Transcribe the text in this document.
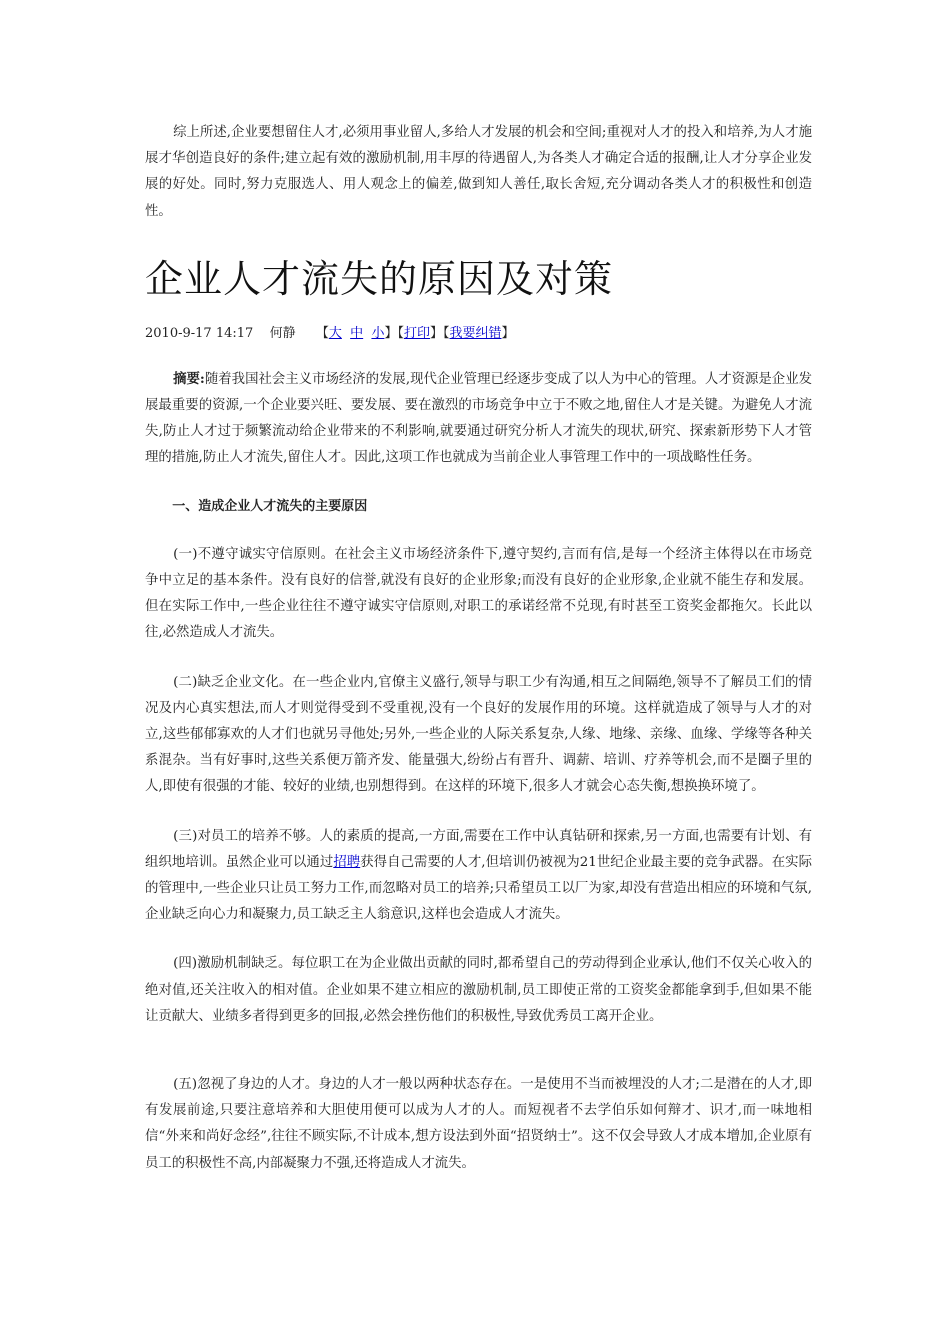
综上所述,企业要想留住人才,必须用事业留人,多给人才发展的机会和空间;重视对人才的投入和培养,为人才施展才华创造良好的条件;建立起有效的激励机制,用丰厚的待遇留人,为各类人才确定合适的报酬,让人才分享企业发展的好处。同时,努力克服选人、用人观念上的偏差,做到知人善任,取长舍短,充分调动各类人才的积极性和创造性。

企业人才流失的原因及对策
2010-9-17 14:17 何静 【大 中 小】【打印】【我要纠错】

摘要:随着我国社会主义市场经济的发展,现代企业管理已经逐步变成了以人为中心的管理。人才资源是企业发展最重要的资源,一个企业要兴旺、要发展、要在激烈的市场竞争中立于不败之地,留住人才是关键。为避免人才流失,防止人才过于频繁流动给企业带来的不利影响,就要通过研究分析人才流失的现状,研究、探索新形势下人才管理的措施,防止人才流失,留住人才。因此,这项工作也就成为当前企业人事管理工作中的一项战略性任务。

一、造成企业人才流失的主要原因

(一)不遵守诚实守信原则。在社会主义市场经济条件下,遵守契约,言而有信,是每一个经济主体得以在市场竞争中立足的基本条件。没有良好的信誉,就没有良好的企业形象;而没有良好的企业形象,企业就不能生存和发展。但在实际工作中,一些企业往往不遵守诚实守信原则,对职工的承诺经常不兑现,有时甚至工资奖金都拖欠。长此以往,必然造成人才流失。

(二)缺乏企业文化。在一些企业内,官僚主义盛行,领导与职工少有沟通,相互之间隔绝,领导不了解员工们的情况及内心真实想法,而人才则觉得受到不受重视,没有一个良好的发展作用的环境。这样就造成了领导与人才的对立,这些郁郁寡欢的人才们也就另寻他处;另外,一些企业的人际关系复杂,人缘、地缘、亲缘、血缘、学缘等各种关系混杂。当有好事时,这些关系便万箭齐发、能量强大,纷纷占有晋升、调薪、培训、疗养等机会,而不是圈子里的人,即使有很强的才能、较好的业绩,也别想得到。在这样的环境下,很多人才就会心态失衡,想换换环境了。

(三)对员工的培养不够。人的素质的提高,一方面,需要在工作中认真钻研和探索,另一方面,也需要有计划、有组织地培训。虽然企业可以通过招聘获得自己需要的人才,但培训仍被视为21世纪企业最主要的竞争武器。在实际的管理中,一些企业只让员工努力工作,而忽略对员工的培养;只希望员工以厂为家,却没有营造出相应的环境和气氛,企业缺乏向心力和凝聚力,员工缺乏主人翁意识,这样也会造成人才流失。

(四)激励机制缺乏。每位职工在为企业做出贡献的同时,都希望自己的劳动得到企业承认,他们不仅关心收入的绝对值,还关注收入的相对值。企业如果不建立相应的激励机制,员工即使正常的工资奖金都能拿到手,但如果不能让贡献大、业绩多者得到更多的回报,必然会挫伤他们的积极性,导致优秀员工离开企业。

(五)忽视了身边的人才。身边的人才一般以两种状态存在。一是使用不当而被埋没的人才;二是潜在的人才,即有发展前途,只要注意培养和大胆使用便可以成为人才的人。而短视者不去学伯乐如何辩才、识才,而一味地相信“外来和尚好念经”,往往不顾实际,不计成本,想方设法到外面“招贤纳士”。这不仅会导致人才成本增加,企业原有员工的积极性不高,内部凝聚力不强,还将造成人才流失。
